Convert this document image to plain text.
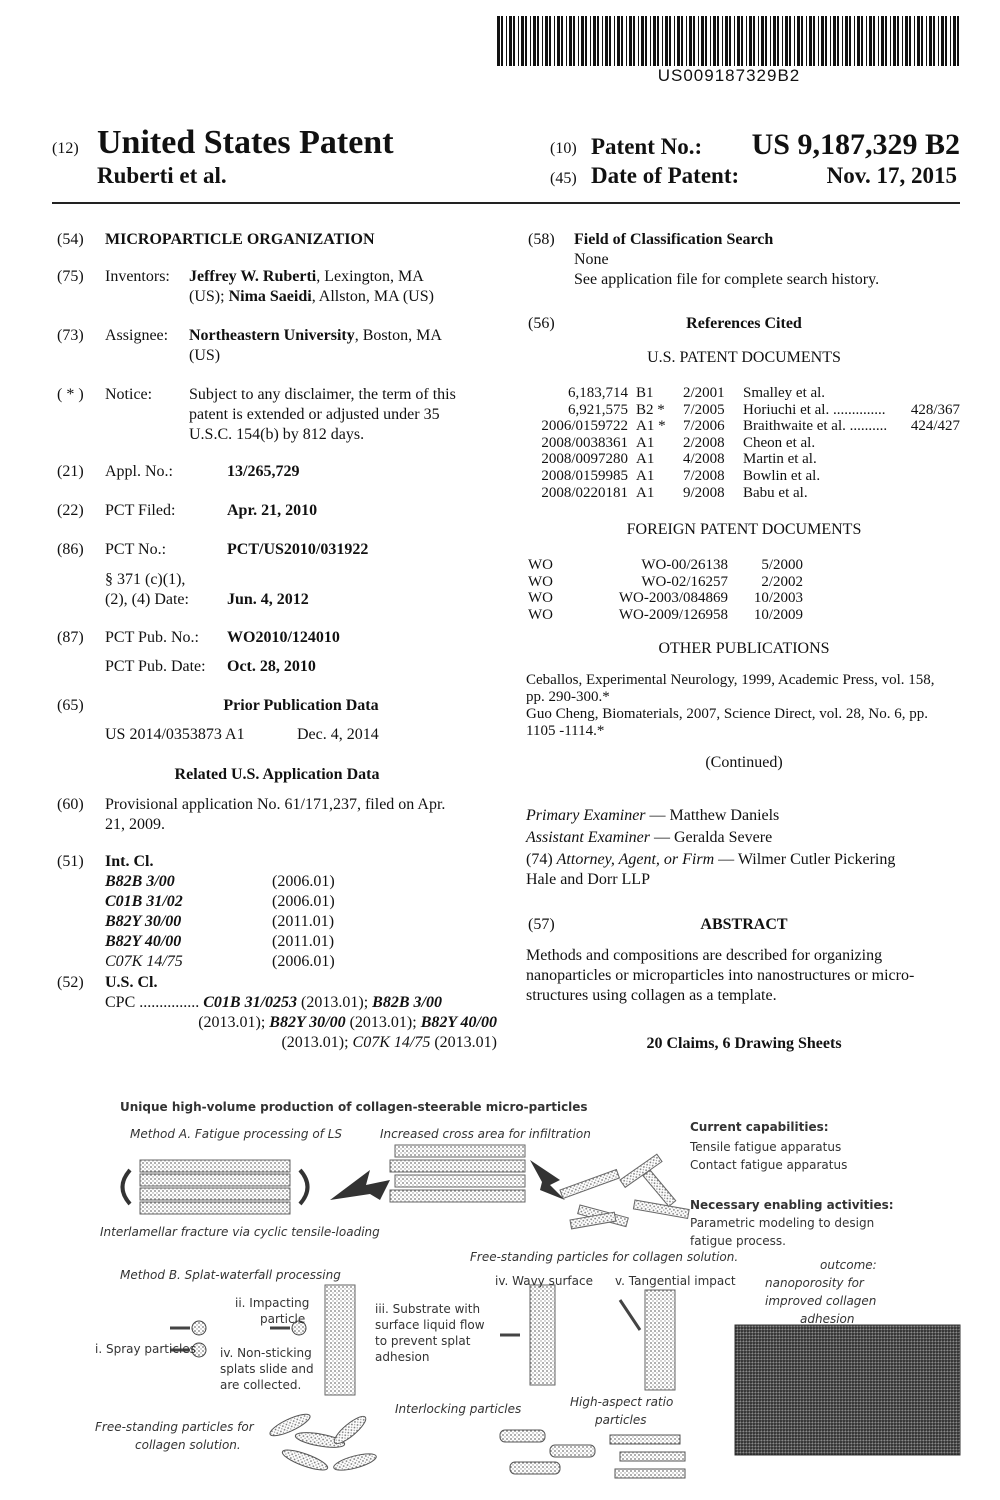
US009187329B2
(12) United States Patent
Ruberti et al.
(10) Patent No.: US 9,187,329 B2
(45) Date of Patent:	Nov. 17, 2015
(54) MICROPARTICLE ORGANIZATION
(75) Inventors: Jeffrey W. Ruberti, Lexington, MA
(US); Nima Saeidi, Allston, MA (US)
(73) Assignee: Northeastern University, Boston, MA
(US)
( * ) Notice: Subject to any disclaimer, the term of this
patent is extended or adjusted under 35
U.S.C. 154(b) by 812 days.
(21) Appl. No.:	13/265,729
(22) PCT Filed:	Apr. 21, 2010
(86) PCT No.:	PCT/US2010/031922
§ 371 (c)(1),
(2), (4) Date: Jun. 4, 2012
(87) PCT Pub. No.: WO2010/124010
PCT Pub. Date: Oct. 28, 2010
(65)	Prior Publication Data
US 2014/0353873 A1	Dec. 4, 2014
Related U.S. Application Data
(60) Provisional application No. 61/171,237, filed on Apr.
21, 2009.
(51) Int. Cl.
B82B 3/00	(2006.01)
C01B 31/02	(2006.01)
B82Y 30/00	(2011.01)
B82Y 40/00	(2011.01)
C07K 14/75	(2006.01)
(52) U.S. Cl.
CPC ............... C01B 31/0253 (2013.01); B82B 3/00
(2013.01); B82Y 30/00 (2013.01); B82Y 40/00
(2013.01); C07K 14/75 (2013.01)
(58) Field of Classification Search
None
See application file for complete search history.
(56)	References Cited
U.S. PATENT DOCUMENTS
6,183,714 B1 2/2001 Smalley et al.
6,921,575 B2 * 7/2005 Horiuchi et al. .............. 428/367
2006/0159722 A1 * 7/2006 Braithwaite et al. .......... 424/427
2008/0038361 A1 2/2008 Cheon et al.
2008/0097280 A1 4/2008 Martin et al.
2008/0159985 A1 7/2008 Bowlin et al.
2008/0220181 A1 9/2008 Babu et al.
FOREIGN PATENT DOCUMENTS
WO	WO-00/26138 5/2000
WO	WO-02/16257 2/2002
WO	WO-2003/084869 10/2003
WO	WO-2009/126958 10/2009
OTHER PUBLICATIONS
Ceballos, Experimental Neurology, 1999, Academic Press, vol. 158,
pp. 290-300.*
Guo Cheng, Biomaterials, 2007, Science Direct, vol. 28, No. 6, pp.
1105 -1114.*
(Continued)
Primary Examiner — Matthew Daniels
Assistant Examiner — Geralda Severe
(74) Attorney, Agent, or Firm — Wilmer Cutler Pickering
Hale and Dorr LLP
(57)	ABSTRACT
Methods and compositions are described for organizing
nanoparticles or microparticles into nanostructures or micro-
structures using collagen as a template.
20 Claims, 6 Drawing Sheets
Unique high-volume production of collagen-steerable micro-particles
Method A. Fatigue processing of LS	Increased cross area for infiltration	Current capabilities:
Tensile fatigue apparatus
Contact fatigue apparatus
Necessary enabling activities:
Parametric modeling to design
fatigue process.
Interlamellar fracture via cyclic tensile-loading
Free-standing particles for collagen solution.
Method B. Splat-waterfall processing
ii. Impacting
particle
iii. Substrate with
surface liquid flow
to prevent splat
adhesion
i. Spray particles iv. Non-sticking
splats slide and
are collected.
iv. Wavy surface v. Tangential impact
outcome:
nanoporosity for
improved collagen
adhesion
Free-standing particles for
collagen solution.
Interlocking particles	High-aspect ratio
particles
